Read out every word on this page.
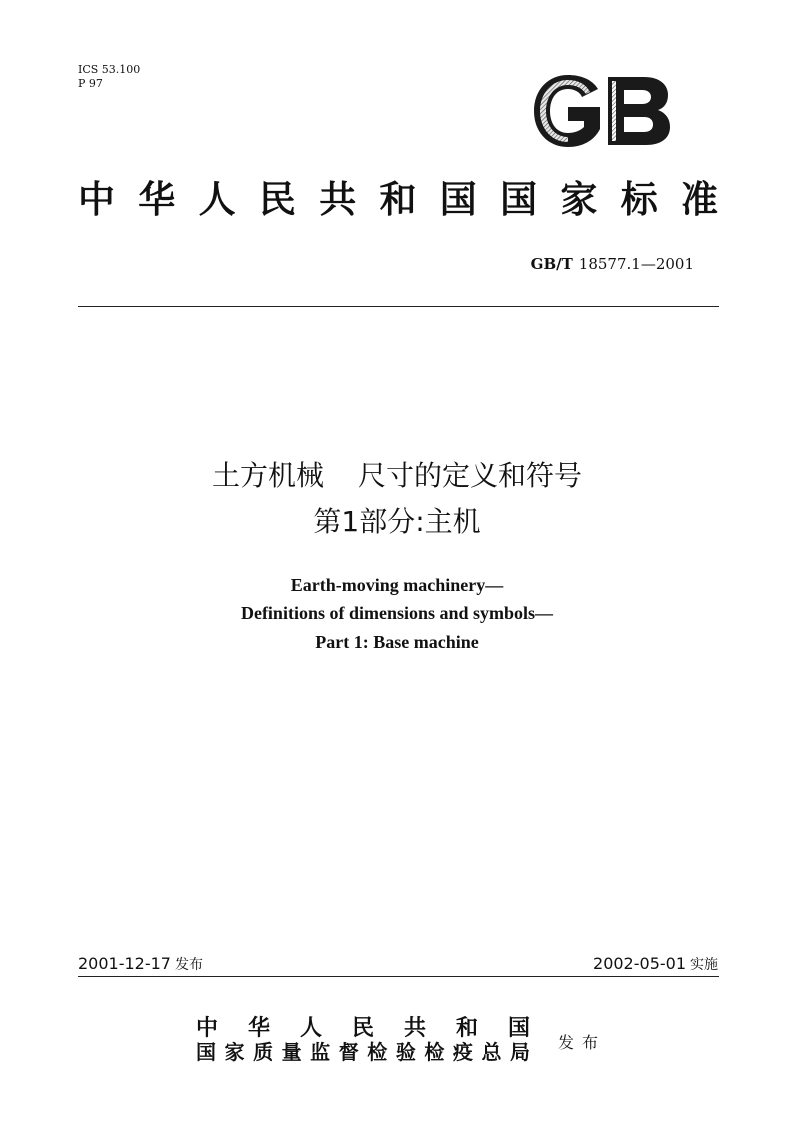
ICS 53.100
P 97
中华人民共和国国家标准
GB/T 18577.1—2001
土方机械 尺寸的定义和符号
第1部分:主机
Earth-moving machinery—
Definitions of dimensions and symbols—
Part 1: Base machine
2001-12-17 发布	2002-05-01 实施
中华人民共和国
国家质量监督检验检疫总局 发布
